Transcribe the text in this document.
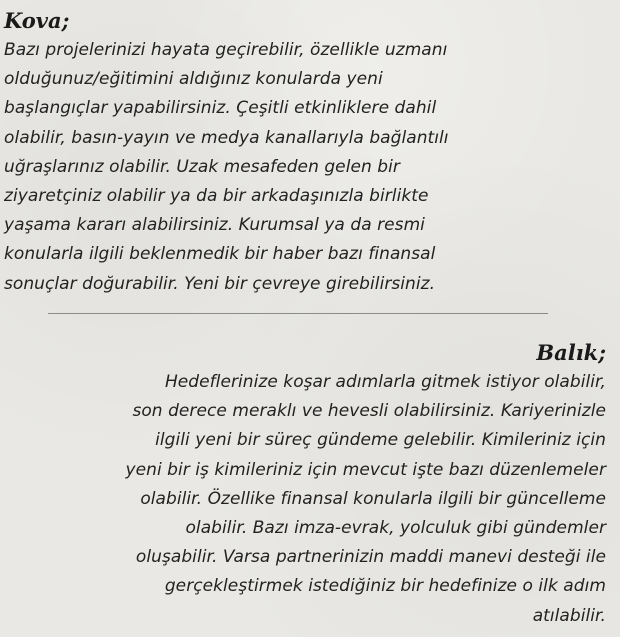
Kova;

Bazı projelerinizi hayata geçirebilir, özellikle uzmanı
olduğunuz/eğitimini aldığınız konularda yeni
başlangıçlar yapabilirsiniz. Çeşitli etkinliklere dahil
olabilir, basın-yayın ve medya kanallarıyla bağlantılı
uğraşlarınız olabilir. Uzak mesafeden gelen bir
ziyaretçiniz olabilir ya da bir arkadaşınızla birlikte
yaşama kararı alabilirsiniz. Kurumsal ya da resmi
konularla ilgili beklenmedik bir haber bazı finansal
sonuçlar doğurabilir. Yeni bir çevreye girebilirsiniz.

Balık;

Hedeflerinize koşar adımlarla gitmek istiyor olabilir,
son derece meraklı ve hevesli olabilirsiniz. Kariyerinizle
ilgili yeni bir süreç gündeme gelebilir. Kimileriniz için
yeni bir iş kimileriniz için mevcut işte bazı düzenlemeler
olabilir. Özellike finansal konularla ilgili bir güncelleme
olabilir. Bazı imza-evrak, yolculuk gibi gündemler
oluşabilir. Varsa partnerinizin maddi manevi desteği ile
gerçekleştirmek istediğiniz bir hedefinize o ilk adım
atılabilir.
